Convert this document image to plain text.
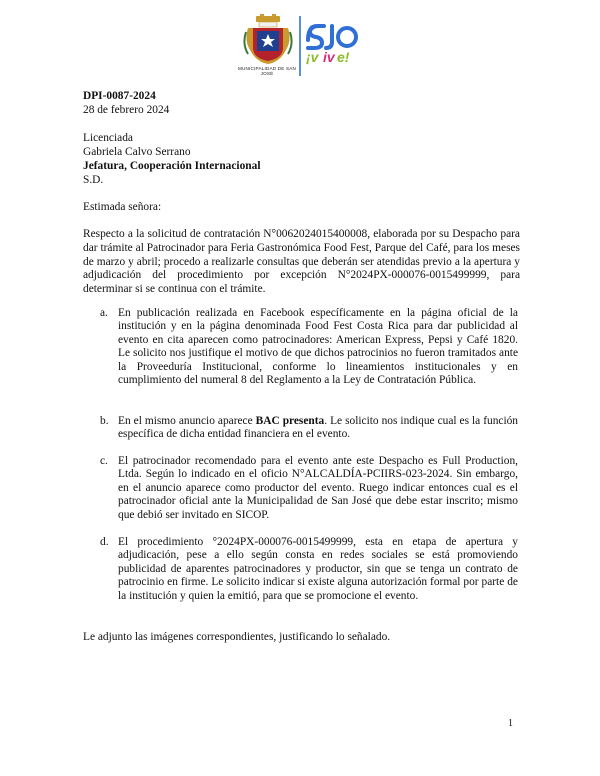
MUNICIPALIDAD DE SAN JOSÉ
¡v iv e!
DPI-0087-2024
28 de febrero 2024
Licenciada
Gabriela Calvo Serrano
Jefatura, Cooperación Internacional
S.D.
Estimada señora:
Respecto a la solicitud de contratación N°0062024015400008, elaborada por su Despacho para dar trámite al Patrocinador para Feria Gastronómica Food Fest, Parque del Café, para los meses de marzo y abril; procedo a realizarle consultas que deberán ser atendidas previo a la apertura y adjudicación del procedimiento por excepción N°2024PX-000076-0015499999, para determinar si se continua con el trámite.
a. En publicación realizada en Facebook específicamente en la página oficial de la institución y en la página denominada Food Fest Costa Rica para dar publicidad al evento en cita aparecen como patrocinadores: American Express, Pepsi y Café 1820. Le solicito nos justifique el motivo de que dichos patrocinios no fueron tramitados ante la Proveeduría Institucional, conforme lo lineamientos institucionales y en cumplimiento del numeral 8 del Reglamento a la Ley de Contratación Pública.
b. En el mismo anuncio aparece BAC presenta. Le solicito nos indique cual es la función específica de dicha entidad financiera en el evento.
c. El patrocinador recomendado para el evento ante este Despacho es Full Production, Ltda. Según lo indicado en el oficio N°ALCALDÍA-PCIIRS-023-2024. Sin embargo, en el anuncio aparece como productor del evento. Ruego indicar entonces cual es el patrocinador oficial ante la Municipalidad de San José que debe estar inscrito; mismo que debió ser invitado en SICOP.
d. El procedimiento °2024PX-000076-0015499999, esta en etapa de apertura y adjudicación, pese a ello según consta en redes sociales se está promoviendo publicidad de aparentes patrocinadores y productor, sin que se tenga un contrato de patrocinio en firme. Le solicito indicar si existe alguna autorización formal por parte de la institución y quien la emitió, para que se promocione el evento.
Le adjunto las imágenes correspondientes, justificando lo señalado.
1
